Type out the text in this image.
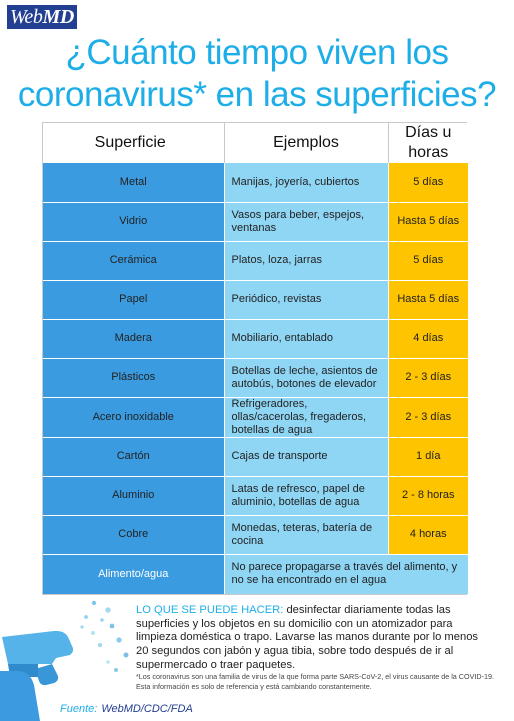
Web MD
¿Cuánto tiempo viven los
coronavirus* en las superficies?
Superficie	Ejemplos	Días u
horas
Metal	Manijas, joyería, cubiertos	5 días
Vidrio	Vasos para beber, espejos, ventanas	Hasta 5 días
Cerámica	Platos, loza, jarras	5 días
Papel	Periódico, revistas	Hasta 5 días
Madera	Mobiliario, entablado	4 días
Plásticos	Botellas de leche, asientos de autobús, botones de elevador	2 - 3 días
Acero inoxidable	Refrigeradores, ollas/cacerolas, fregaderos, botellas de agua	2 - 3 días
Cartón	Cajas de transporte	1 día
Aluminio	Latas de refresco, papel de aluminio, botellas de agua	2 - 8 horas
Cobre	Monedas, teteras, batería de cocina	4 horas
Alimento/agua	No parece propagarse a través del alimento, y no se ha encontrado en el agua	
LO QUE SE PUEDE HACER: desinfectar diariamente todas las superficies y los objetos en su domicilio con un atomizador para limpieza doméstica o trapo. Lavarse las manos durante por lo menos 20 segundos con jabón y agua tibia, sobre todo después de ir al supermercado o traer paquetes.
*Los coronavirus son una familia de virus de la que forma parte SARS-CoV-2, el virus causante de la COVID-19. Esta información es solo de referencia y está cambiando constantemente.
Fuente: WebMD/CDC/FDA
